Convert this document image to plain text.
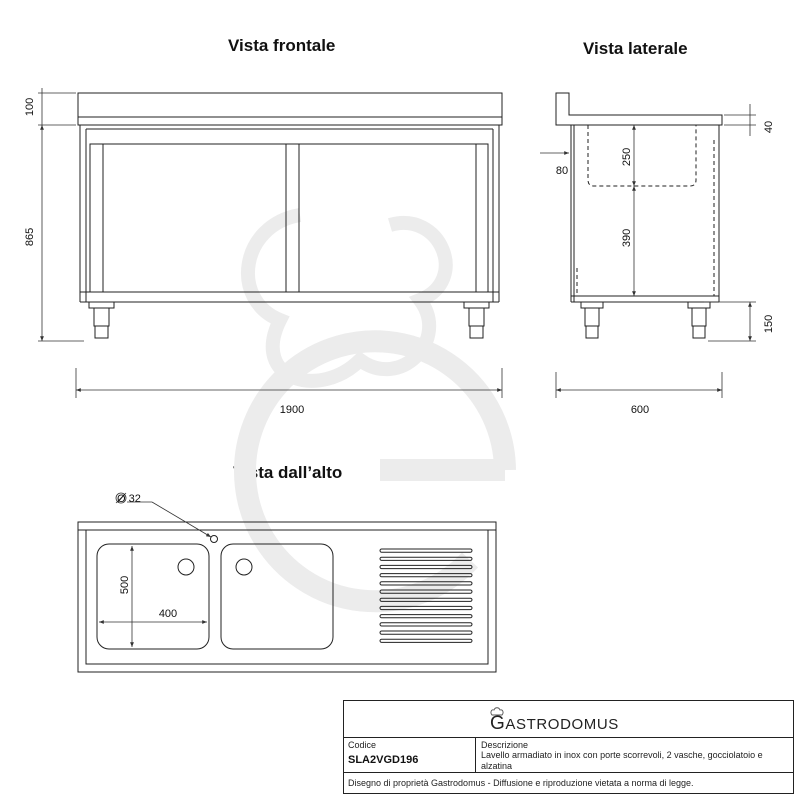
Vista frontale	Vista laterale
Vista dall’alto
100
865
1900
40
250
390
150
80
600
Ø 32
500
400
GASTRODOMUS
Codice
SLA2VGD196
Descrizione
Lavello armadiato in inox con porte scorrevoli, 2 vasche, gocciolatoio e alzatina
Disegno di proprietà Gastrodomus - Diffusione e riproduzione vietata a norma di legge.
